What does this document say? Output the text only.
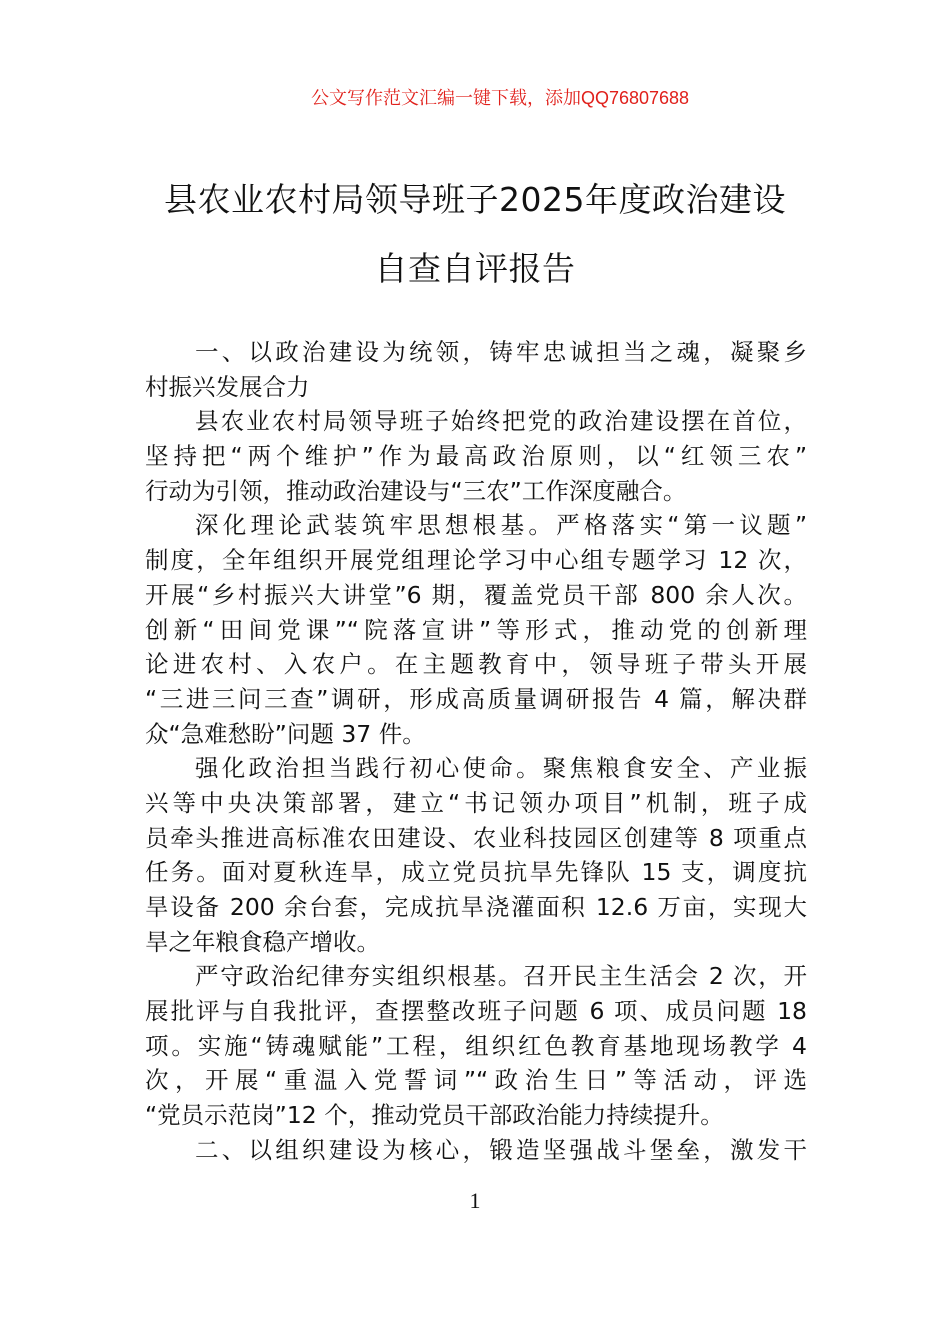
公文写作范文汇编一键下载，添加QQ76807688
县农业农村局领导班子2025年度政治建设
自查自评报告
一、以政治建设为统领，铸牢忠诚担当之魂，凝聚乡
村振兴发展合力
县农业农村局领导班子始终把党的政治建设摆在首位，
坚持把“两个维护”作为最高政治原则，以“红领三农”
行动为引领，推动政治建设与“三农”工作深度融合。
深化理论武装筑牢思想根基。严格落实“第一议题”
制度，全年组织开展党组理论学习中心组专题学习 12 次，
开展“乡村振兴大讲堂”6 期，覆盖党员干部 800 余人次。
创新“田间党课”“院落宣讲”等形式，推动党的创新理
论进农村、入农户。在主题教育中，领导班子带头开展
“三进三问三查”调研，形成高质量调研报告 4 篇，解决群
众“急难愁盼”问题 37 件。
强化政治担当践行初心使命。聚焦粮食安全、产业振
兴等中央决策部署，建立“书记领办项目”机制，班子成
员牵头推进高标准农田建设、农业科技园区创建等 8 项重点
任务。面对夏秋连旱，成立党员抗旱先锋队 15 支，调度抗
旱设备 200 余台套，完成抗旱浇灌面积 12.6 万亩，实现大
旱之年粮食稳产增收。
严守政治纪律夯实组织根基。召开民主生活会 2 次，开
展批评与自我批评，查摆整改班子问题 6 项、成员问题 18
项。实施“铸魂赋能”工程，组织红色教育基地现场教学 4
次，开展“重温入党誓词”“政治生日”等活动，评选
“党员示范岗”12 个，推动党员干部政治能力持续提升。
二、以组织建设为核心，锻造坚强战斗堡垒，激发干
1
